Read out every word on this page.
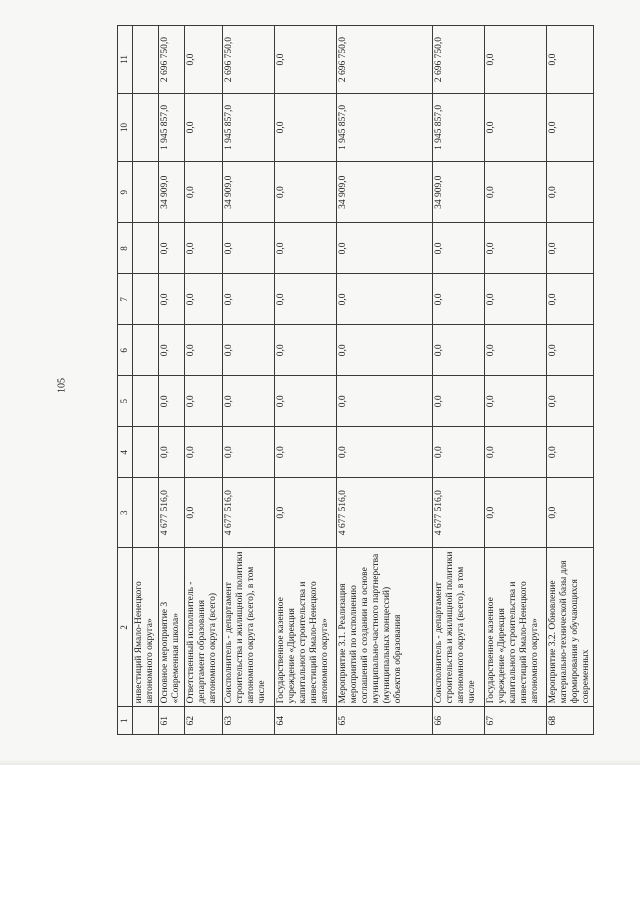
105
1	2	3	4	5	6	7	8	9	10	11
	инвестиций Ямало-Ненецкого автономного округа»									
61	Основное мероприятие 3 «Современная школа»	4 677 516,0	0,0	0,0	0,0	0,0	0,0	34 909,0	1 945 857,0	2 696 750,0
62	Ответственный исполнитель - департамент образования автономного округа (всего)	0,0	0,0	0,0	0,0	0,0	0,0	0,0	0,0	0,0
63	Соисполнитель - департамент строительства и жилищной политики автономного округа (всего), в том числе	4 677 516,0	0,0	0,0	0,0	0,0	0,0	34 909,0	1 945 857,0	2 696 750,0
64	Государственное казенное учреждение «Дирекция капитального строительства и инвестиций Ямало-Ненецкого автономного округа»	0,0	0,0	0,0	0,0	0,0	0,0	0,0	0,0	0,0
65	Мероприятие 3.1. Реализация мероприятий по исполнению соглашений о создании на основе муниципально-частного партнерства (муниципальных концессий) объектов образования	4 677 516,0	0,0	0,0	0,0	0,0	0,0	34 909,0	1 945 857,0	2 696 750,0
66	Соисполнитель - департамент строительства и жилищной политики автономного округа (всего), в том числе	4 677 516,0	0,0	0,0	0,0	0,0	0,0	34 909,0	1 945 857,0	2 696 750,0
67	Государственное казенное учреждение «Дирекция капитального строительства и инвестиций Ямало-Ненецкого автономного округа»	0,0	0,0	0,0	0,0	0,0	0,0	0,0	0,0	0,0
68	Мероприятие 3.2. Обновление материально-технической базы для формирования у обучающихся современных	0,0	0,0	0,0	0,0	0,0	0,0	0,0	0,0	0,0
